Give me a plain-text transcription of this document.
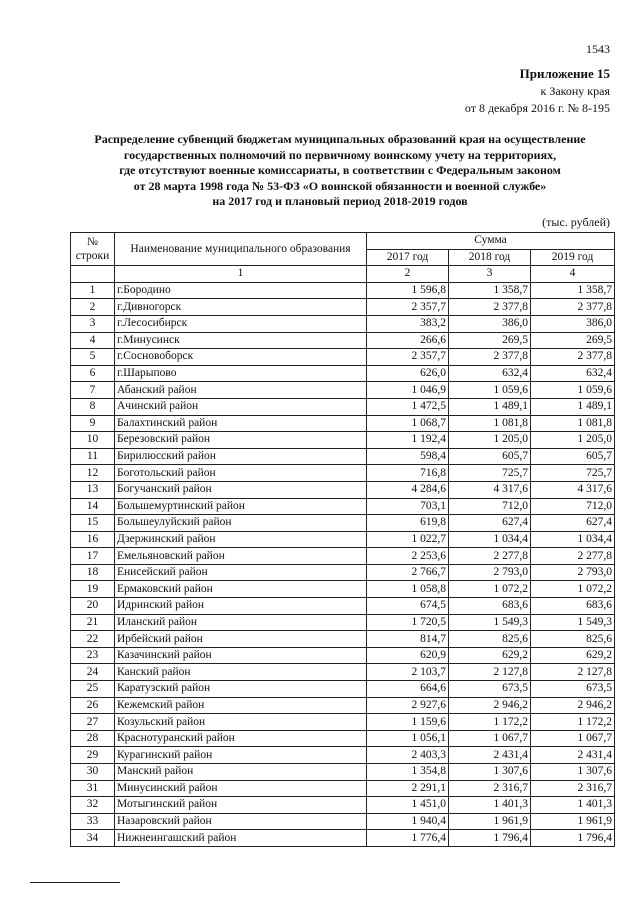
1543
Приложение 15
к Закону края
от 8 декабря 2016 г. № 8-195
Распределение субвенций бюджетам муниципальных образований края на осуществление
государственных полномочий по первичному воинскому учету на территориях,
где отсутствуют военные комиссариаты, в соответствии с Федеральным законом
от 28 марта 1998 года № 53-ФЗ «О воинской обязанности и военной службе»
на 2017 год и плановый период 2018-2019 годов
(тыс. рублей)
№ строки	Наименование муниципального образования	Сумма		
		2017 год	2018 год	2019 год
	1	2	3	4
1	г.Бородино	1 596,8	1 358,7	1 358,7
2	г.Дивногорск	2 357,7	2 377,8	2 377,8
3	г.Лесосибирск	383,2	386,0	386,0
4	г.Минусинск	266,6	269,5	269,5
5	г.Сосновоборск	2 357,7	2 377,8	2 377,8
6	г.Шарыпово	626,0	632,4	632,4
7	Абанский район	1 046,9	1 059,6	1 059,6
8	Ачинский район	1 472,5	1 489,1	1 489,1
9	Балахтинский район	1 068,7	1 081,8	1 081,8
10	Березовский район	1 192,4	1 205,0	1 205,0
11	Бирилюсский район	598,4	605,7	605,7
12	Боготольский район	716,8	725,7	725,7
13	Богучанский район	4 284,6	4 317,6	4 317,6
14	Большемуртинский район	703,1	712,0	712,0
15	Большеулуйский район	619,8	627,4	627,4
16	Дзержинский район	1 022,7	1 034,4	1 034,4
17	Емельяновский район	2 253,6	2 277,8	2 277,8
18	Енисейский район	2 766,7	2 793,0	2 793,0
19	Ермаковский район	1 058,8	1 072,2	1 072,2
20	Идринский район	674,5	683,6	683,6
21	Иланский район	1 720,5	1 549,3	1 549,3
22	Ирбейский район	814,7	825,6	825,6
23	Казачинский район	620,9	629,2	629,2
24	Канский район	2 103,7	2 127,8	2 127,8
25	Каратузский район	664,6	673,5	673,5
26	Кежемский район	2 927,6	2 946,2	2 946,2
27	Козульский район	1 159,6	1 172,2	1 172,2
28	Краснотуранский район	1 056,1	1 067,7	1 067,7
29	Курагинский район	2 403,3	2 431,4	2 431,4
30	Манский район	1 354,8	1 307,6	1 307,6
31	Минусинский район	2 291,1	2 316,7	2 316,7
32	Мотыгинский район	1 451,0	1 401,3	1 401,3
33	Назаровский район	1 940,4	1 961,9	1 961,9
34	Нижнеингашский район	1 776,4	1 796,4	1 796,4
